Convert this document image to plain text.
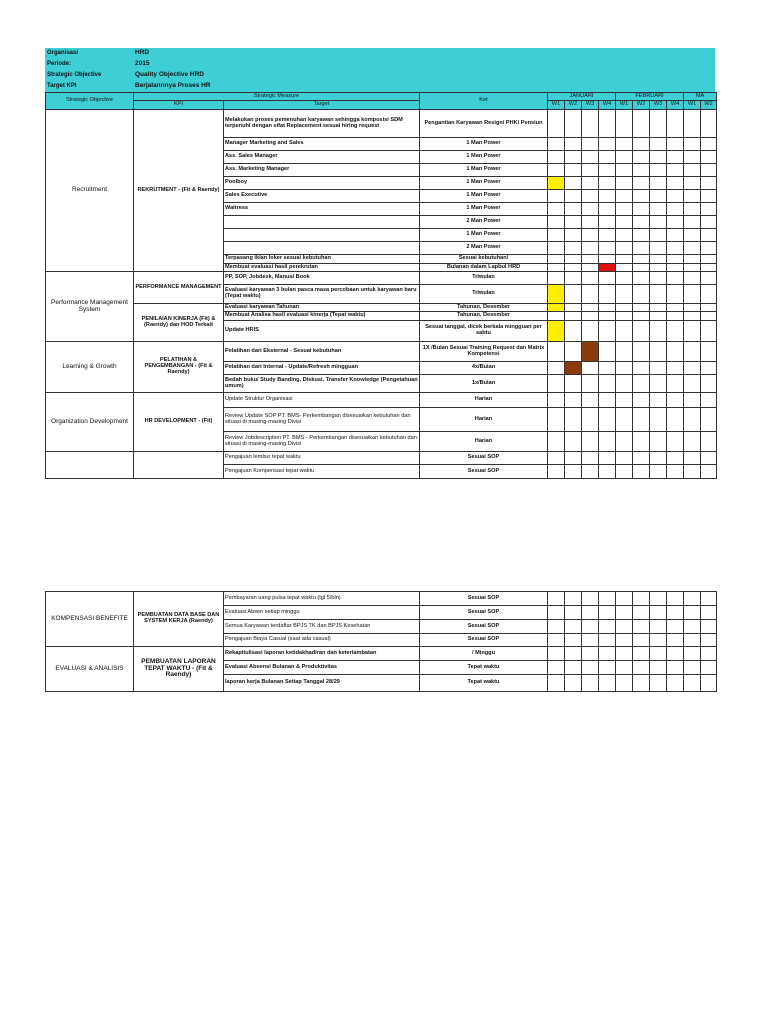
Organisasi	HRD
Periode:	2015
Strategic Objective	Quality Objective HRD
Target KPI	Berjalannnya Proses HR
Strategic Objective	Strategic Measure		Ket	JANUARI				FEBRUARI				MA	
	KPI	Target		W1	W2	W3	W4	W1	W2	W3	W4	W1	W2
Recruitment	REKRUTMENT - (Fit & Raendy)	Melakukan proses pemenuhan karyawan sehingga komposisi SDM terpenuhi dengan sifat Replacement sesuai hiring request	Pengantian Karyawan Resign/ PHK/ Pensiun										
		Manager Marketing and Sales	1 Man Power										
		Ass. Sales Manager	1 Man Power										
		Ass. Marketing Manager	1 Man Power										
		Poolboy	1 Man Power										
		Sales Executive	1 Man Power										
		Waitress	1 Man Power										
			2 Man Power										
			1 Man Power										
			2 Man Power										
		Terpasang iklan loker sesuai kebutuhan	Sesuai kebutuhan/										
		Membuat evaluasi hasil perekrutan	Bulanan dalam Lapbul HRD										
Performance Management System	PERFORMANCE MANAGEMENT	PP, SOP, Jobdesk, Manual Book	Triwulan										
		Evaluasi karyawan 3 bulan pasca masa percobaan untuk karyawan baru (Tepat waktu)	Triwulan										
	PENILAIAN KINERJA (Fit) & (Raendy) dan HOD Terkait	Evaluasi karyawan Tahunan	Tahunan, Desember										
		Membuat Analisa hasil evaluasi kinerja (Tepat waktu)	Tahunan, Desember										
		Update HRIS	Sesuai tanggal, dicek berkala mingguan per sabtu										
Learning & Growth	PELATIHAN & PENGEMBANGAN - (Fit & Raendy)	Pelatihan dari Eksternal - Sesuai kebutuhan	1X /Bulan Sesuai Training Request dan Matrix Kompetensi										
		Pelatihan dari Internal - Update/Refresh mingguan	4x/Bulan										
		Bedah buku/ Study Banding, Diskusi, Transfer Knowledge (Pengetahuan umum)	1x/Bulan										
Organization Development	HR DEVELOPMENT - (Fit)	Update Struktur Organisasi	Harian										
		Review Update SOP PT. BMS- Perkembangan disesuaikan kebutuhan dan situasi di masing-masing Divisi	Harian										
		Review Jobdescription PT. BMS - Perkembangan disesuaikan kebutuhan dan situasi di masing-masing Divisi	Harian										
		Pengajuan lembur tepat waktu	Sesuai SOP										
		Pengajuan Kompensasi tepat waktu	Sesuai SOP										
KOMPENSASI BENEFITE	PEMBUATAN DATA BASE DAN SYSTEM KERJA (Raendy)	Pembayaran uang pulsa tepat waktu (tgl 5/bln)	Sesuai SOP										
		Evaluasi Absen setiap minggu	Sesuai SOP										
		Semua Karyawan terdaftar BPJS TK dan BPJS Kesehatan	Sesuai SOP										
		Pengajuan Biaya Casual (saat ada casual)	Sesuai SOP										
EVALUASI & ANALISIS	PEMBUATAN LAPORAN TEPAT WAKTU - (Fit & Raendy)	Rekapitulisasi laporan ketidakhadiran dan keterlambatan	/ Minggu										
		Evaluasi Absensi Bulanan & Produktivitas	Tepat waktu										
		laporan kerja Bulanan Setiap Tanggal 28/29	Tepat waktu										
